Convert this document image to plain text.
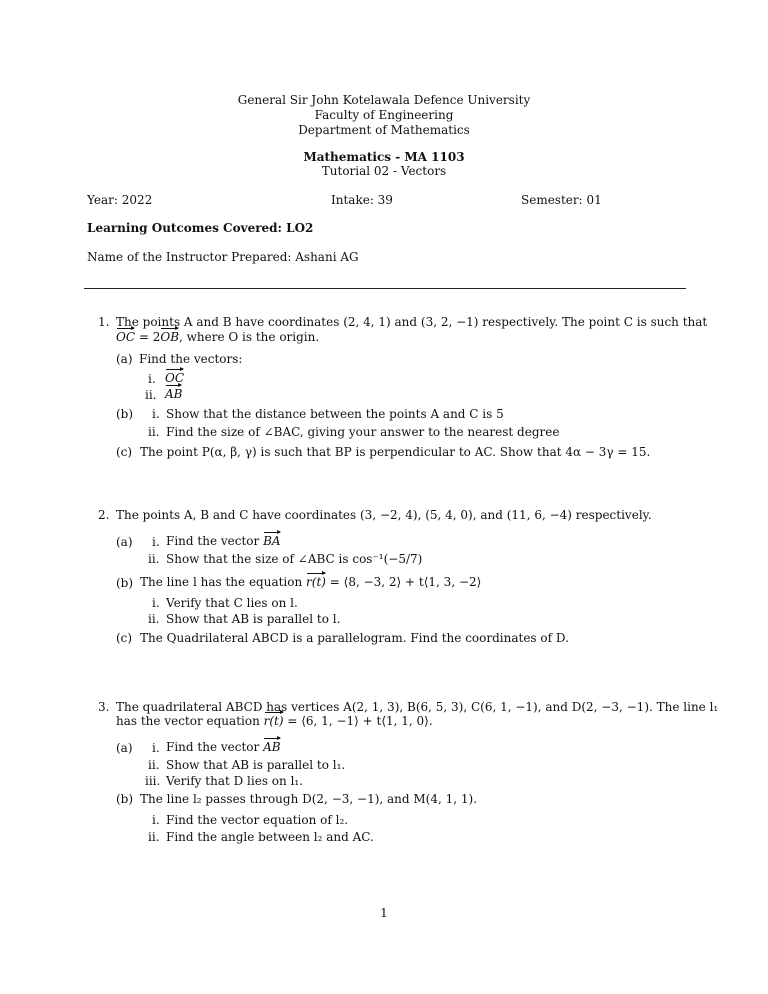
General Sir John Kotelawala Defence University
Faculty of Engineering
Department of Mathematics
Mathematics - MA 1103
Tutorial 02 - Vectors
Year: 2022	Intake: 39	Semester: 01
Learning Outcomes Covered: LO2
Name of the Instructor Prepared: Ashani AG
1. The points A and B have coordinates (2, 4, 1) and (3, 2, −1) respectively. The point C is such that
OC = 2OB, where O is the origin.
(a) Find the vectors:
i. OC
ii. AB
(b) i. Show that the distance between the points A and C is 5
ii. Find the size of ∠BAC, giving your answer to the nearest degree
(c) The point P(α, β, γ) is such that BP is perpendicular to AC. Show that 4α − 3γ = 15.
2. The points A, B and C have coordinates (3, −2, 4), (5, 4, 0), and (11, 6, −4) respectively.
(a) i. Find the vector BA
ii. Show that the size of ∠ABC is cos⁻¹(−5/7)
(b) The line l has the equation r(t) = ⟨8, −3, 2⟩ + t⟨1, 3, −2⟩
i. Verify that C lies on l.
ii. Show that AB is parallel to l.
(c) The Quadrilateral ABCD is a parallelogram. Find the coordinates of D.
3. The quadrilateral ABCD has vertices A(2, 1, 3), B(6, 5, 3), C(6, 1, −1), and D(2, −3, −1). The line l₁
has the vector equation r(t) = ⟨6, 1, −1⟩ + t⟨1, 1, 0⟩.
(a) i. Find the vector AB
ii. Show that AB is parallel to l₁.
iii. Verify that D lies on l₁.
(b) The line l₂ passes through D(2, −3, −1), and M(4, 1, 1).
i. Find the vector equation of l₂.
ii. Find the angle between l₂ and AC.
1
